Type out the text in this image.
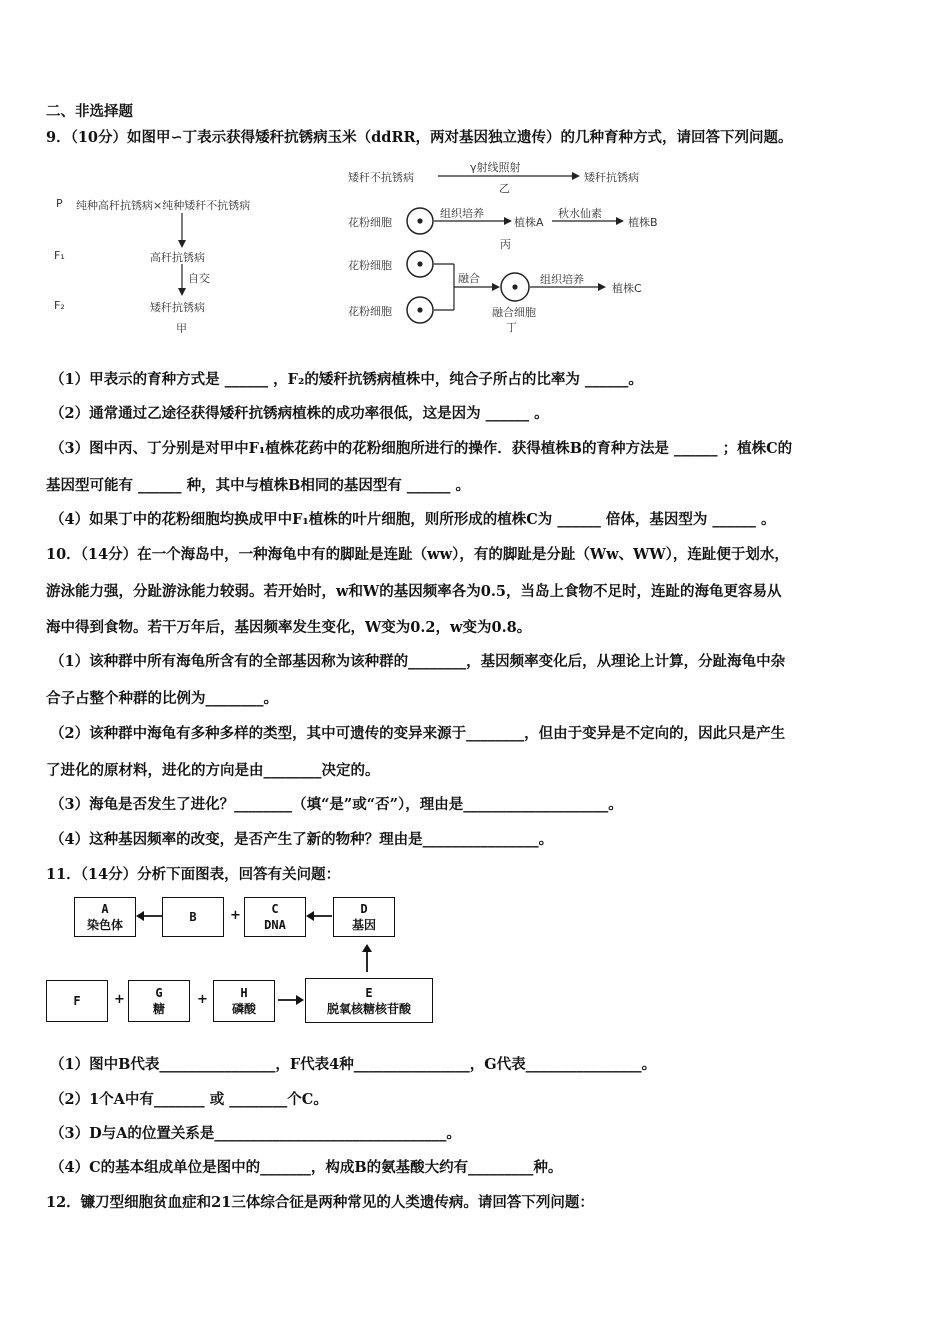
二、非选择题
9．（10分）如图甲∽丁表示获得矮秆抗锈病玉米（ddRR，两对基因独立遗传）的几种育种方式，请回答下列问题。
P 纯种高秆抗锈病×纯种矮秆不抗锈病
F₁	高秆抗锈病
自交
F₂	矮秆抗锈病
甲
矮秆不抗锈病
γ射线照射
矮秆抗锈病
乙
花粉细胞
组织培养
植株A
秋水仙素
植株B
丙
花粉细胞
花粉细胞
融合	组织培养
植株C
融合细胞
丁
（1）甲表示的育种方式是 ______ ，F₂的矮秆抗锈病植株中，纯合子所占的比率为 ______。
（2）通常通过乙途径获得矮秆抗锈病植株的成功率很低，这是因为 ______ 。
（3）图中丙、丁分别是对甲中F₁植株花药中的花粉细胞所进行的操作．获得植株B的育种方法是 ______ ；植株C的
基因型可能有 ______ 种，其中与植株B相同的基因型有 ______ 。
（4）如果丁中的花粉细胞均换成甲中F₁植株的叶片细胞，则所形成的植株C为 ______ 倍体，基因型为 ______ 。
10．（14分）在一个海岛中，一种海龟中有的脚趾是连趾（ww），有的脚趾是分趾（Ww、WW），连趾便于划水，
游泳能力强，分趾游泳能力较弱。若开始时，w和W的基因频率各为0.5，当岛上食物不足时，连趾的海龟更容易从
海中得到食物。若干万年后，基因频率发生变化，W变为0.2，w变为0.8。
（1）该种群中所有海龟所含有的全部基因称为该种群的________，基因频率变化后，从理论上计算，分趾海龟中杂
合子占整个种群的比例为________。
（2）该种群中海龟有多种多样的类型，其中可遗传的变异来源于________，但由于变异是不定向的，因此只是产生
了进化的原材料，进化的方向是由________决定的。
（3）海龟是否发生了进化？________（填“是”或“否”），理由是____________________。
（4）这种基因频率的改变，是否产生了新的物种？理由是________________。
11．（14分）分析下面图表，回答有关问题：
A
染色体
B	+	C
DNA
D
基因
F	+	G
糖
+	H
磷酸
E
脱氧核糖核苷酸
（1）图中B代表________________，F代表4种________________，G代表________________。
（2）1个A中有_______ 或 ________个C。
（3）D与A的位置关系是________________________________。
（4）C的基本组成单位是图中的_______，构成B的氨基酸大约有_________种。
12．镰刀型细胞贫血症和21三体综合征是两种常见的人类遗传病。请回答下列问题：
